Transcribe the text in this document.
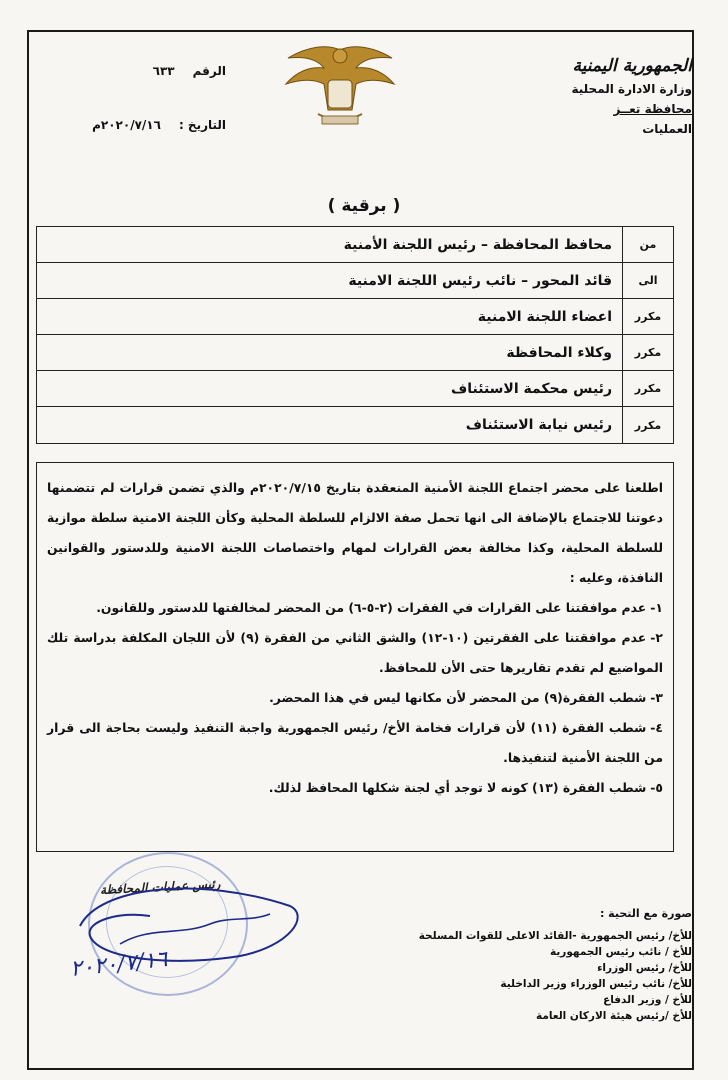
الجمهورية اليمنية
وزارة الادارة المحلية
محافظة تعــز
العمليات
الرقم
٦٣٣
التاريخ :
٢٠٢٠/٧/١٦م
( برقية )
من
محافظ المحافظة – رئيس اللجنة الأمنية
الى
قائد المحور – نائب رئيس اللجنة الامنية
مكرر
اعضاء اللجنة الامنية
مكرر
وكلاء المحافظة
مكرر
رئيس محكمة الاستئناف
مكرر
رئيس نيابة الاستئناف

اطلعنا على محضر اجتماع اللجنة الأمنية المنعقدة بتاريخ ٢٠٢٠/٧/١٥م والذي تضمن قرارات لم تتضمنها دعوتنا للاجتماع بالإضافة الى انها تحمل صفة الالزام للسلطة المحلية وكأن اللجنة الامنية سلطة موازية للسلطة المحلية، وكذا مخالفة بعض القرارات لمهام واختصاصات اللجنة الامنية وللدستور والقوانين النافذة، وعليه :

١-عدم موافقتنا على القرارات في الفقرات (٢-٥-٦) من المحضر لمخالفتها للدستور وللقانون.

٢-عدم موافقتنا على الفقرتين (١٠-١٢) والشق الثاني من الفقرة (٩) لأن اللجان المكلفة بدراسة تلك المواضيع لم تقدم تقاريرها حتى الأن للمحافظ.

٣-شطب الفقرة(٩) من المحضر لأن مكانها ليس في هذا المحضر.

٤-شطب الفقرة (١١) لأن قرارات فخامة الأخ/ رئيس الجمهورية واجبة التنفيذ وليست بحاجة الى قرار من اللجنة الأمنية لتنفيذها.

٥-شطب الفقرة (١٣) كونه لا توجد أي لجنة شكلها المحافظ لذلك.

رئيس عمليات المحافظة
٢٠٢٠/٧/١٦
صورة مع التحية :
للأخ/ رئيس الجمهورية -القائد الاعلى للقوات المسلحة
للأخ / نائب رئيس الجمهورية
للأخ/ رئيس الوزراء
للأخ/ نائب رئيس الوزراء وزير الداخلية
للأخ / وزير الدفاع
للأخ /رئيس هيئة الاركان العامة
